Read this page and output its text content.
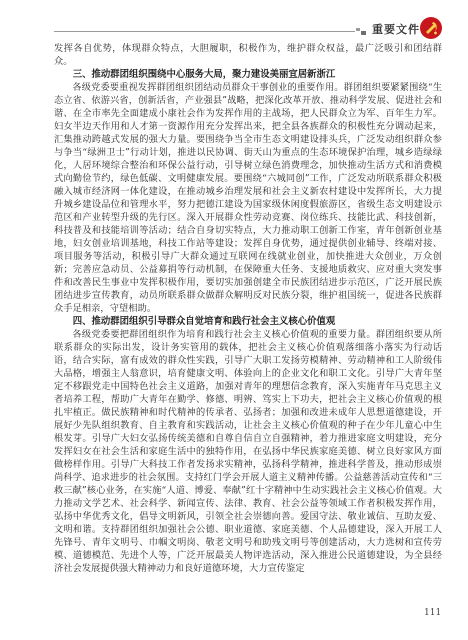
重要文件

发挥各自优势，体现群众特点，大胆履职，积极作为，维护群众权益，最广泛吸引和团结群众。

三、推动群团组织围绕中心服务大局，聚力建设美丽宜居新浙江

各级党委要重视发挥群团组织团结动员群众干事创业的重要作用。群团组织要紧紧围绕“生态立省、依游兴省，创新活省，产业强县”战略，把深化改革开放、推动科学发展、促进社会和谐、在全市率先全面建成小康社会作为发挥作用的主战场，把人民群众立为军、百年生力军。妇女半边天作用和人才第一资源作用充分发挥出来，把全县各族群众的积极性充分调动起来，汇集推动跨越式发展的强大力量。要围绕争当全市生态文明建设排头兵，广泛发动组织群众参与争当“绿洲卫士”行动计划，推进以民协调、街天山为重点的生态环境保护治理，城乡造绿绿化，人居环境综合整治和环保公益行动，引导树立绿色消费理念，加快推动生活方式和消费模式向勤俭节约，绿色低碳、文明健康发展。要围绕“六城同创”工作，广泛发动所联系群众积极融入城市经济网一体化建设，在推动城乡治理发展和社会主义新农村建设中发挥所长，大力提升城乡建设品位和管理水平，努力把德江建设为国家级休闲度假旅游区，省级生态文明建设示范区和产业转型升级的先行区。深入开展群众性劳动竞赛、岗位练兵、技能比武、科技创新，科技普及和技能培训等活动；结合自身切实特点，大力推动职工创新工作室，青年创新创业基地，妇女创业培训基地，科技工作站等建设；发挥自身优势，通过提供创业辅导、终端对接、项目服务等活动，积极引导广大群众通过互联网在线就业创业，加快推进大众创业，万众创新；完善应急动员、公益募捐等行动机制，在保障重大任务、支援地质救灾、应对重大突发事件和改善民生事业中发挥积极作用，要切实加强创建全市民族团结进步示范区，广泛开展民族团结进步宣传教育，动员所联系群众做群众解明反对民族分裂，维护祖国统一，促进各民族群众手足相亲，守望相助。

四、推动群团组织引导群众自觉培育和践行社会主义核心价值观

各级党委要把群团组织作为培育和践行社会主义核心价值观的重要力量。群团组织要从所联系群众的实际出发，设计务实管用的载体，把社会主义核心价值观落细落小落实为行动话语，结合实际，富有成效的群众性实践，引导广大职工发扬劳模精神、劳动精神和工人阶级伟大品格，增强主人翁意识，培育健康文明、体验向上的企业文化和职工文化。引导广大青年坚定不移跟党走中国特色社会主义道路，加强对青年的理想信念教育，深入实施青年马克思主义者培养工程，帮助广大青年在勤学、修德、明辨、笃实上下功夫，把社会主义核心价值观的根扎牢植正。做民族精神和时代精神的传承者、弘扬者；加强和改进未成年人思想道德建设，开展好少先队组织教育、自主教育和实践活动，让社会主义核心价值观的种子在少年儿童心中生根发芽。引导广大妇女弘扬传统美德和自尊自信自立自强精神，着力推进家庭文明建设，充分发挥妇女在社会生活和家庭生活中的独特作用，在弘扬中华民族家庭美德、树立良好家风方面做榜样作用。引导广大科技工作者发扬求实精神，弘扬科学精神，推进科学普及，推动形成崇尚科学、追求进步的社会氛围。支持红门学会开展人道主义精神传播。公益慈善活动宣传和“三救三献”核心业务，在实施“人道、博爱、奉献”红十字精神中生动实践社会主义核心价值观。大力推动文学艺术、社会科学、新闻宣传、法律、教育、社会公益等领域工作者积极发挥作用，弘扬中华优秀文化，倡导文明新风，引领全社会崇德向善。爱国守法、敬业诚信、互助友爱、文明和谐。支持群团组织加强社会公德、职业道德、家庭美德、个人品德建设，深入开展工人先锋号、青年文明号、巾帼文明岗、敬老文明号和助残文明号等创建活动，大力选树和宣传劳模、道德模范、先进个人等，广泛开展最美人物评选活动，深入推进公民道德建设，为全县经济社会发展提供强大精神动力和良好道德环境，大力宣传鉴定

111
